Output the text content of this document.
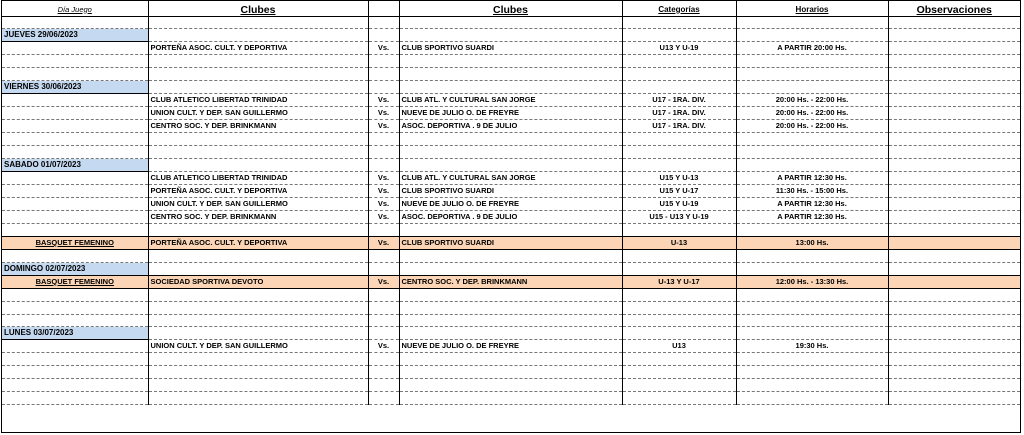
Día Juego	Clubes		Clubes	Categorías	Horarios	Observaciones

JUEVES 29/06/2023						
	PORTEÑA ASOC. CULT. Y DEPORTIVA	Vs.	CLUB SPORTIVO SUARDI	U13 Y U-19	A PARTIR 20:00 Hs.	

VIERNES 30/06/2023						
	CLUB ATLETICO LIBERTAD TRINIDAD	Vs.	CLUB ATL. Y CULTURAL SAN JORGE	U17 - 1RA. DIV.	20:00 Hs. - 22:00 Hs.	
	UNION CULT. Y DEP. SAN GUILLERMO	Vs.	NUEVE DE JULIO O. DE FREYRE	U17 - 1RA. DIV.	20:00 Hs. - 22:00 Hs.	
	CENTRO SOC. Y DEP. BRINKMANN	Vs.	ASOC. DEPORTIVA . 9 DE JULIO	U17 - 1RA. DIV.	20:00 Hs. - 22:00 Hs.	

SABADO 01/07/2023						
	CLUB ATLETICO LIBERTAD TRINIDAD	Vs.	CLUB ATL. Y CULTURAL SAN JORGE	U15 Y U-13	A PARTIR 12:30 Hs.	
	PORTEÑA ASOC. CULT. Y DEPORTIVA	Vs.	CLUB SPORTIVO SUARDI	U15 Y U-17	11:30 Hs. - 15:00 Hs.	
	UNION CULT. Y DEP. SAN GUILLERMO	Vs.	NUEVE DE JULIO O. DE FREYRE	U15 Y U-19	A PARTIR 12:30 Hs.	
	CENTRO SOC. Y DEP. BRINKMANN	Vs.	ASOC. DEPORTIVA . 9 DE JULIO	U15 - U13 Y U-19	A PARTIR 12:30 Hs.	

BASQUET FEMENINO	PORTEÑA ASOC. CULT. Y DEPORTIVA	Vs.	CLUB SPORTIVO SUARDI	U-13	13:00 Hs.	

DOMINGO 02/07/2023						
BASQUET FEMENINO	SOCIEDAD SPORTIVA DEVOTO	Vs.	CENTRO SOC. Y DEP. BRINKMANN	U-13 Y U-17	12:00 Hs. - 13:30 Hs.	

LUNES 03/07/2023						
	UNION CULT. Y DEP. SAN GUILLERMO	Vs.	NUEVE DE JULIO O. DE FREYRE	U13	19:30 Hs.	
